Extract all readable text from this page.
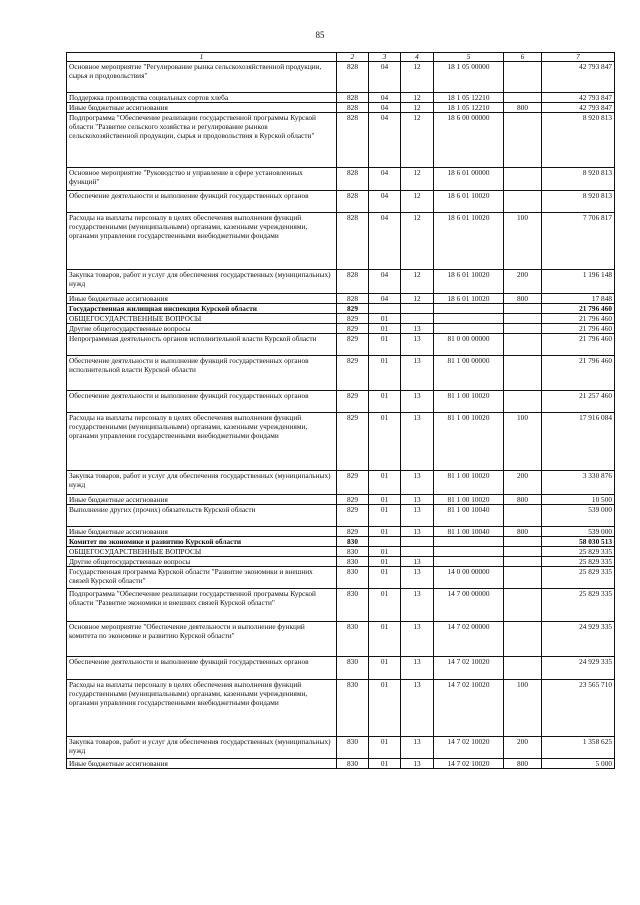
85
1	2	3	4	5	6	7
Основное мероприятие "Регулирование рынка сельскохозяйственной продукции, сырья и продовольствия"	828	04	12	18 1 05 00000		42 793 847
Поддержка производства социальных сортов хлеба	828	04	12	18 1 05 12210		42 793 847
Иные бюджетные ассигнования	828	04	12	18 1 05 12210	800	42 793 847
Подпрограмма "Обеспечение реализации государственной программы Курской области "Развитие сельского хозяйства и регулирование рынков сельскохозяйственной продукции, сырья и продовольствия в Курской области"	828	04	12	18 6 00 00000		8 920 813
Основное мероприятие "Руководство и управление в сфере установленных функций"	828	04	12	18 6 01 00000		8 920 813
Обеспечение деятельности и выполнение функций государственных органов	828	04	12	18 6 01 10020		8 920 813
Расходы на выплаты персоналу в целях обеспечения выполнения функций государственными (муниципальными) органами, казенными учреждениями, органами управления государственными внебюджетными фондами	828	04	12	18 6 01 10020	100	7 706 817
Закупка товаров, работ и услуг для обеспечения государственных (муниципальных) нужд	828	04	12	18 6 01 10020	200	1 196 148
Иные бюджетные ассигнования	828	04	12	18 6 01 10020	800	17 848
Государственная жилищная инспекция Курской области	829					21 796 460
ОБЩЕГОСУДАРСТВЕННЫЕ ВОПРОСЫ	829	01				21 796 460
Другие общегосударственные вопросы	829	01	13			21 796 460
Непрограммная деятельность органов исполнительной власти Курской области	829	01	13	81 0 00 00000		21 796 460
Обеспечение деятельности и выполнение функций государственных органов исполнительной власти Курской области	829	01	13	81 1 00 00000		21 796 460
Обеспечение деятельности и выполнение функций государственных органов	829	01	13	81 1 00 10020		21 257 460
Расходы на выплаты персоналу в целях обеспечения выполнения функций государственными (муниципальными) органами, казенными учреждениями, органами управления государственными внебюджетными фондами	829	01	13	81 1 00 10020	100	17 916 084
Закупка товаров, работ и услуг для обеспечения государственных (муниципальных) нужд	829	01	13	81 1 00 10020	200	3 330 876
Иные бюджетные ассигнования	829	01	13	81 1 00 10020	800	10 500
Выполнение других (прочих) обязательств Курской области	829	01	13	81 1 00 10040		539 000
Иные бюджетные ассигнования	829	01	13	81 1 00 10040	800	539 000
Комитет по экономике и развитию Курской области	830					58 030 513
ОБЩЕГОСУДАРСТВЕННЫЕ ВОПРОСЫ	830	01				25 829 335
Другие общегосударственные вопросы	830	01	13			25 829 335
Государственная программа Курской области "Развитие экономики и внешних связей Курской области"	830	01	13	14 0 00 00000		25 829 335
Подпрограмма "Обеспечение реализации государственной программы Курской области "Развитие экономики и внешних связей Курской области"	830	01	13	14 7 00 00000		25 829 335
Основное мероприятие "Обеспечение деятельности и выполнение функций комитета по экономике и развитию Курской области"	830	01	13	14 7 02 00000		24 929 335
Обеспечение деятельности и выполнение функций государственных органов	830	01	13	14 7 02 10020		24 929 335
Расходы на выплаты персоналу в целях обеспечения выполнения функций государственными (муниципальными) органами, казенными учреждениями, органами управления государственными внебюджетными фондами	830	01	13	14 7 02 10020	100	23 565 710
Закупка товаров, работ и услуг для обеспечения государственных (муниципальных) нужд	830	01	13	14 7 02 10020	200	1 358 625
Иные бюджетные ассигнования	830	01	13	14 7 02 10020	800	5 000
